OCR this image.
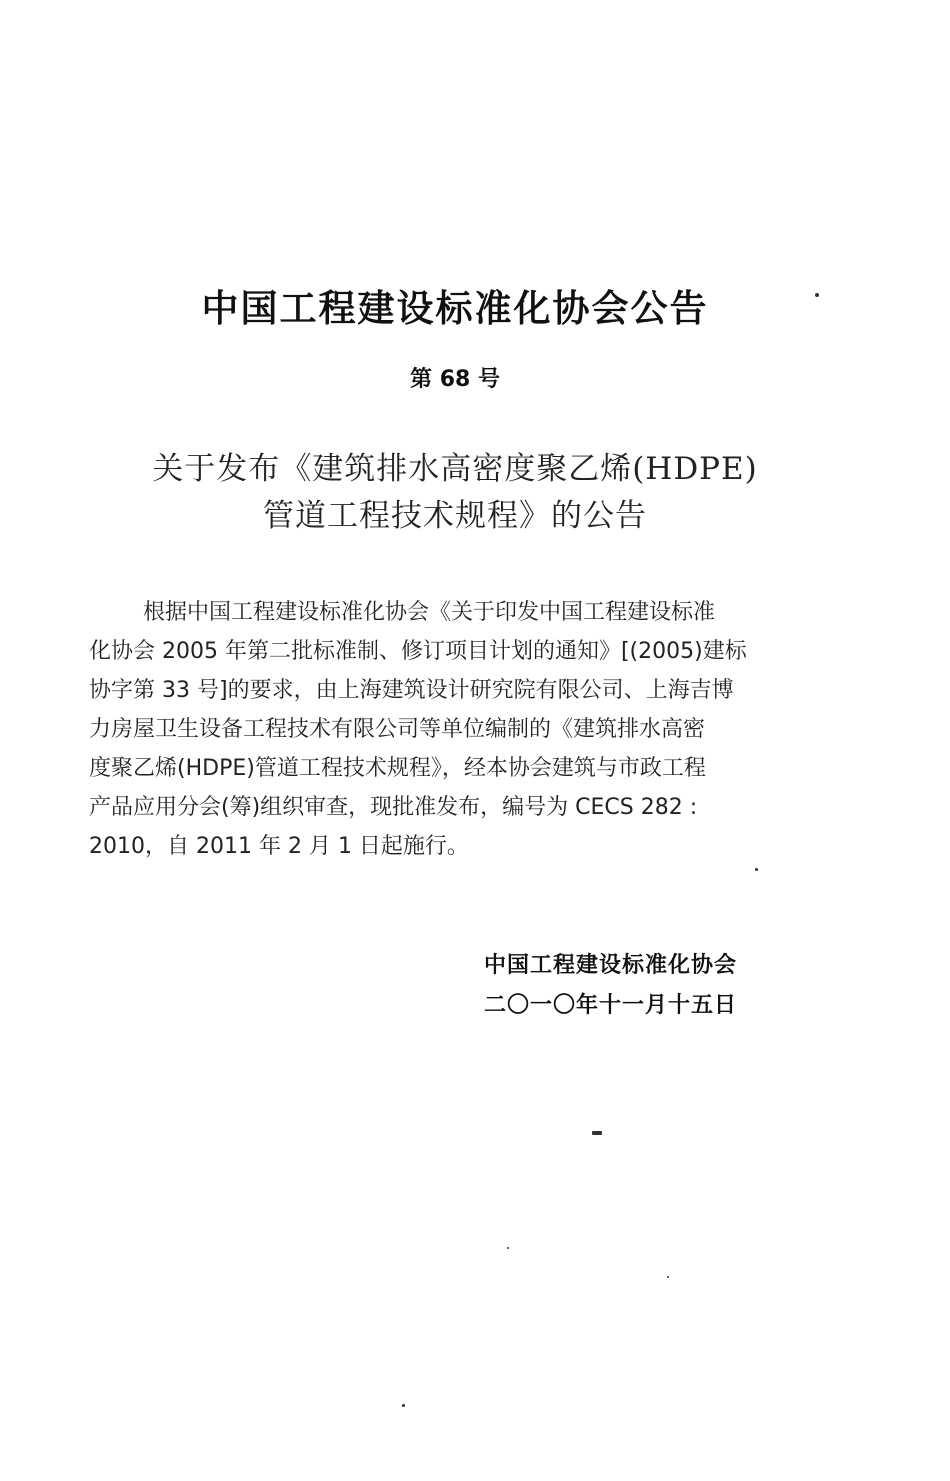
中国工程建设标准化协会公告
第 68 号
关于发布《建筑排水高密度聚乙烯(HDPE)
管道工程技术规程》的公告
根据中国工程建设标准化协会《关于印发中国工程建设标准
化协会 2005 年第二批标准制、修订项目计划的通知》[(2005)建标
协字第 33 号]的要求，由上海建筑设计研究院有限公司、上海吉博
力房屋卫生设备工程技术有限公司等单位编制的《建筑排水高密
度聚乙烯(HDPE)管道工程技术规程》，经本协会建筑与市政工程
产品应用分会(筹)组织审查，现批准发布，编号为 CECS 282 :
2010，自 2011 年 2 月 1 日起施行。
中国工程建设标准化协会
二〇一〇年十一月十五日
